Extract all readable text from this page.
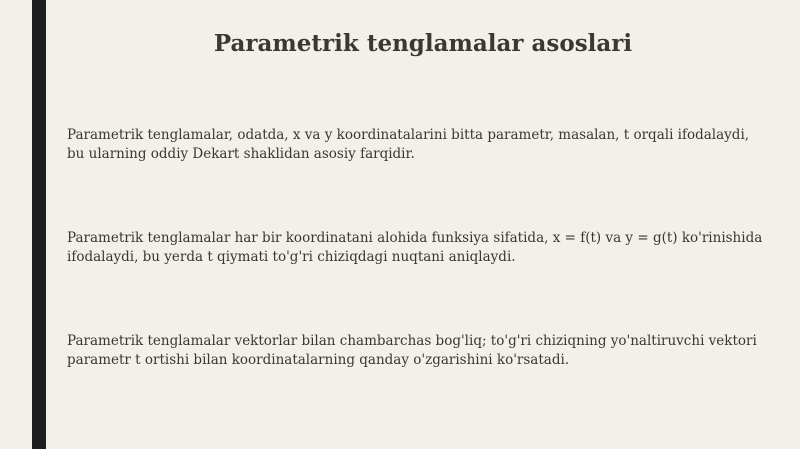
Parametrik tenglamalar asoslari

Parametrik tenglamalar, odatda, x va y koordinatalarini bitta parametr, masalan, t orqali ifodalaydi, bu ularning oddiy Dekart shaklidan asosiy farqidir.

Parametrik tenglamalar har bir koordinatani alohida funksiya sifatida, x = f(t) va y = g(t) ko'rinishida ifodalaydi, bu yerda t qiymati to'g'ri chiziqdagi nuqtani aniqlaydi.

Parametrik tenglamalar vektorlar bilan chambarchas bog'liq; to'g'ri chiziqning yo'naltiruvchi vektori parametr t ortishi bilan koordinatalarning qanday o'zgarishini ko'rsatadi.
